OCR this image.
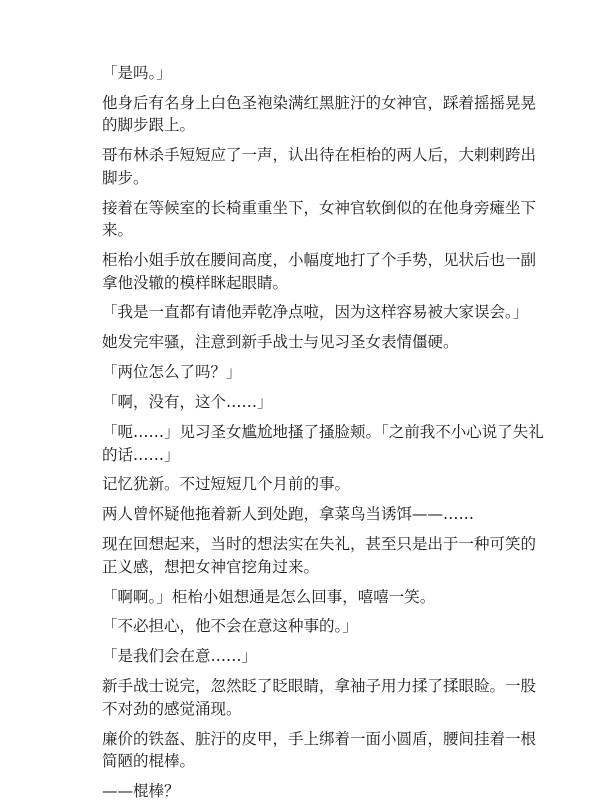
「是吗。」

他身后有名身上白色圣袍染满红黑脏汙的女神官，踩着摇摇晃晃的脚步跟上。

哥布林杀手短短应了一声，认出待在柜枱的两人后，大剌剌跨出脚步。

接着在等候室的长椅重重坐下，女神官软倒似的在他身旁瘫坐下来。

柜枱小姐手放在腰间高度，小幅度地打了个手势，见状后也一副拿他没辙的模样眯起眼睛。

「我是一直都有请他弄乾净点啦，因为这样容易被大家误会。」

她发完牢骚，注意到新手战士与见习圣女表情僵硬。

「两位怎么了吗？」

「啊，没有，这个……」

「呃……」见习圣女尴尬地搔了搔脸颊。「之前我不小心说了失礼的话……」

记忆犹新。不过短短几个月前的事。

两人曾怀疑他拖着新人到处跑，拿菜鸟当诱饵——……

现在回想起来，当时的想法实在失礼，甚至只是出于一种可笑的正义感，想把女神官挖角过来。

「啊啊。」柜枱小姐想通是怎么回事，嘻嘻一笑。

「不必担心，他不会在意这种事的。」

「是我们会在意……」

新手战士说完，忽然眨了眨眼睛，拿袖子用力揉了揉眼睑。一股不对劲的感觉涌现。

廉价的铁盔、脏汙的皮甲，手上绑着一面小圆盾，腰间挂着一根简陋的棍棒。

——棍棒？
